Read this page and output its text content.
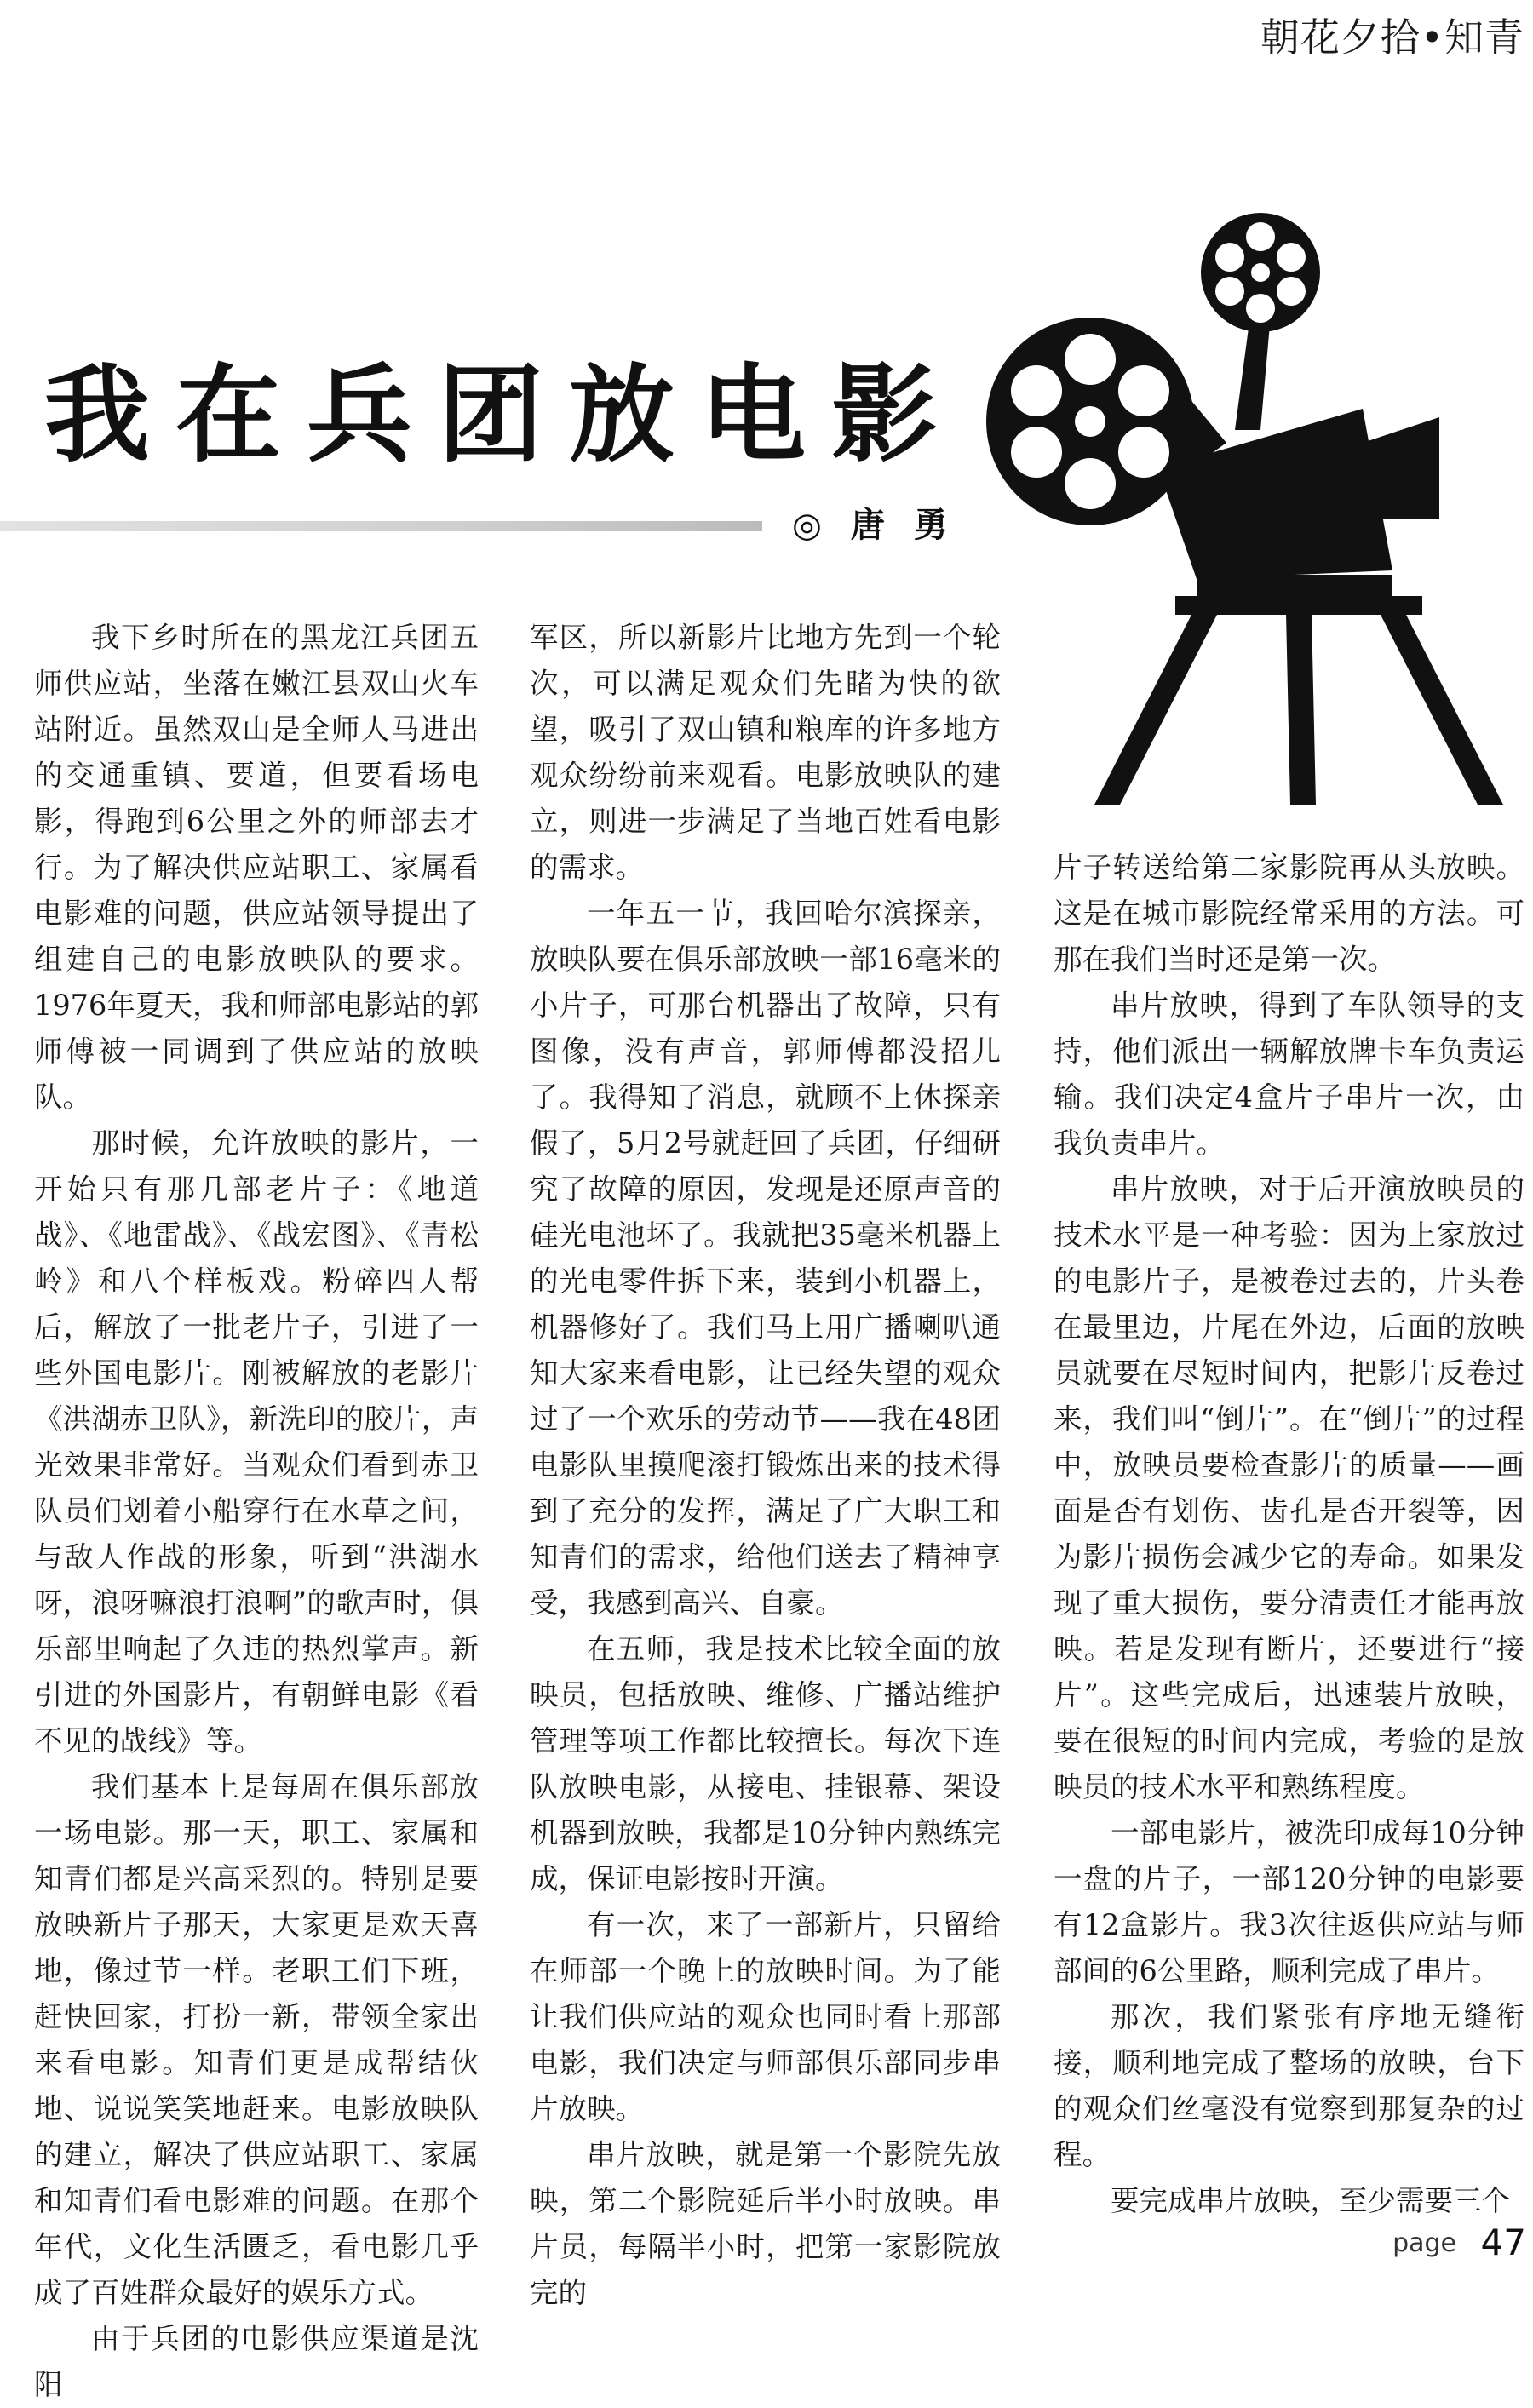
朝花夕拾•知青
我在兵团放电影
◎ 唐 勇

我下乡时所在的黑龙江兵团五师供应站，坐落在嫩江县双山火车站附近。虽然双山是全师人马进出的交通重镇、要道，但要看场电影，得跑到6公里之外的师部去才行。为了解决供应站职工、家属看电影难的问题，供应站领导提出了组建自己的电影放映队的要求。1976年夏天，我和师部电影站的郭师傅被一同调到了供应站的放映队。

那时候，允许放映的影片，一开始只有那几部老片子：《地道战》、《地雷战》、《战宏图》、《青松岭》和八个样板戏。粉碎四人帮后，解放了一批老片子，引进了一些外国电影片。刚被解放的老影片《洪湖赤卫队》，新洗印的胶片，声光效果非常好。当观众们看到赤卫队员们划着小船穿行在水草之间，与敌人作战的形象，听到“洪湖水呀，浪呀嘛浪打浪啊”的歌声时，俱乐部里响起了久违的热烈掌声。新引进的外国影片，有朝鲜电影《看不见的战线》等。

我们基本上是每周在俱乐部放一场电影。那一天，职工、家属和知青们都是兴高采烈的。特别是要放映新片子那天，大家更是欢天喜地，像过节一样。老职工们下班，赶快回家，打扮一新，带领全家出来看电影。知青们更是成帮结伙地、说说笑笑地赶来。电影放映队的建立，解决了供应站职工、家属和知青们看电影难的问题。在那个年代，文化生活匮乏，看电影几乎成了百姓群众最好的娱乐方式。

由于兵团的电影供应渠道是沈阳

军区，所以新影片比地方先到一个轮次，可以满足观众们先睹为快的欲望，吸引了双山镇和粮库的许多地方观众纷纷前来观看。电影放映队的建立，则进一步满足了当地百姓看电影的需求。

一年五一节，我回哈尔滨探亲，放映队要在俱乐部放映一部16毫米的小片子，可那台机器出了故障，只有图像，没有声音，郭师傅都没招儿了。我得知了消息，就顾不上休探亲假了，5月2号就赶回了兵团，仔细研究了故障的原因，发现是还原声音的硅光电池坏了。我就把35毫米机器上的光电零件拆下来，装到小机器上，机器修好了。我们马上用广播喇叭通知大家来看电影，让已经失望的观众过了一个欢乐的劳动节——我在48团电影队里摸爬滚打锻炼出来的技术得到了充分的发挥，满足了广大职工和知青们的需求，给他们送去了精神享受，我感到高兴、自豪。

在五师，我是技术比较全面的放映员，包括放映、维修、广播站维护管理等项工作都比较擅长。每次下连队放映电影，从接电、挂银幕、架设机器到放映，我都是10分钟内熟练完成，保证电影按时开演。

有一次，来了一部新片，只留给在师部一个晚上的放映时间。为了能让我们供应站的观众也同时看上那部电影，我们决定与师部俱乐部同步串片放映。

串片放映，就是第一个影院先放映，第二个影院延后半小时放映。串片员，每隔半小时，把第一家影院放完的

片子转送给第二家影院再从头放映。这是在城市影院经常采用的方法。可那在我们当时还是第一次。

串片放映，得到了车队领导的支持，他们派出一辆解放牌卡车负责运输。我们决定4盒片子串片一次，由我负责串片。

串片放映，对于后开演放映员的技术水平是一种考验：因为上家放过的电影片子，是被卷过去的，片头卷在最里边，片尾在外边，后面的放映员就要在尽短时间内，把影片反卷过来，我们叫“倒片”。在“倒片”的过程中，放映员要检查影片的质量——画面是否有划伤、齿孔是否开裂等，因为影片损伤会减少它的寿命。如果发现了重大损伤，要分清责任才能再放映。若是发现有断片，还要进行“接片”。这些完成后，迅速装片放映，要在很短的时间内完成，考验的是放映员的技术水平和熟练程度。

一部电影片，被洗印成每10分钟一盘的片子，一部120分钟的电影要有12盒影片。我3次往返供应站与师部间的6公里路，顺利完成了串片。

那次，我们紧张有序地无缝衔接，顺利地完成了整场的放映，台下的观众们丝毫没有觉察到那复杂的过程。

要完成串片放映，至少需要三个

page 47
